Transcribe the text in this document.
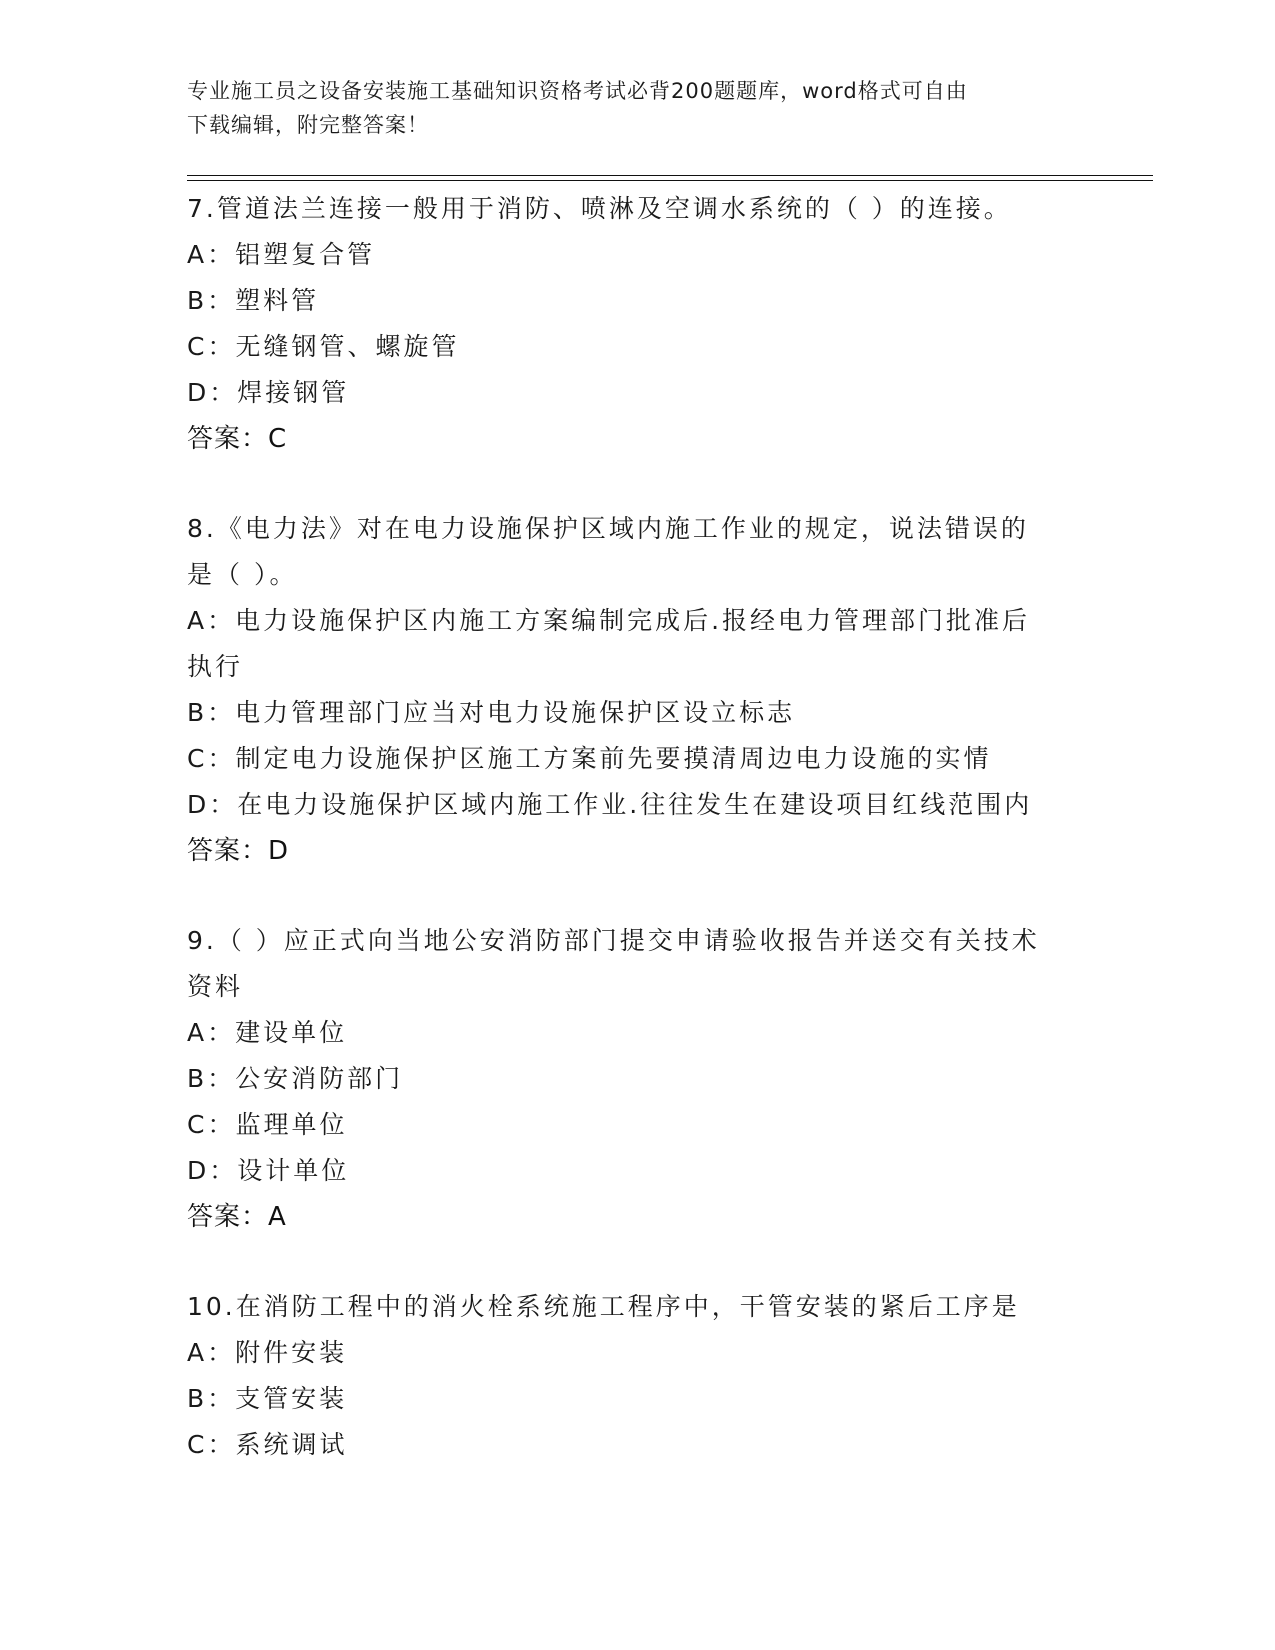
专业施工员之设备安装施工基础知识资格考试必背200题题库，word格式可自由
下载编辑，附完整答案！
7.管道法兰连接一般用于消防、喷淋及空调水系统的（ ）的连接。
A：铝塑复合管
B：塑料管
C：无缝钢管、螺旋管
D：焊接钢管
答案：C
8.《电力法》对在电力设施保护区域内施工作业的规定，说法错误的
是（ ）。
A：电力设施保护区内施工方案编制完成后.报经电力管理部门批准后
执行
B：电力管理部门应当对电力设施保护区设立标志
C：制定电力设施保护区施工方案前先要摸清周边电力设施的实情
D：在电力设施保护区域内施工作业.往往发生在建设项目红线范围内
答案：D
9.（ ）应正式向当地公安消防部门提交申请验收报告并送交有关技术
资料
A：建设单位
B：公安消防部门
C：监理单位
D：设计单位
答案：A
10.在消防工程中的消火栓系统施工程序中，干管安装的紧后工序是
A：附件安装
B：支管安装
C：系统调试
